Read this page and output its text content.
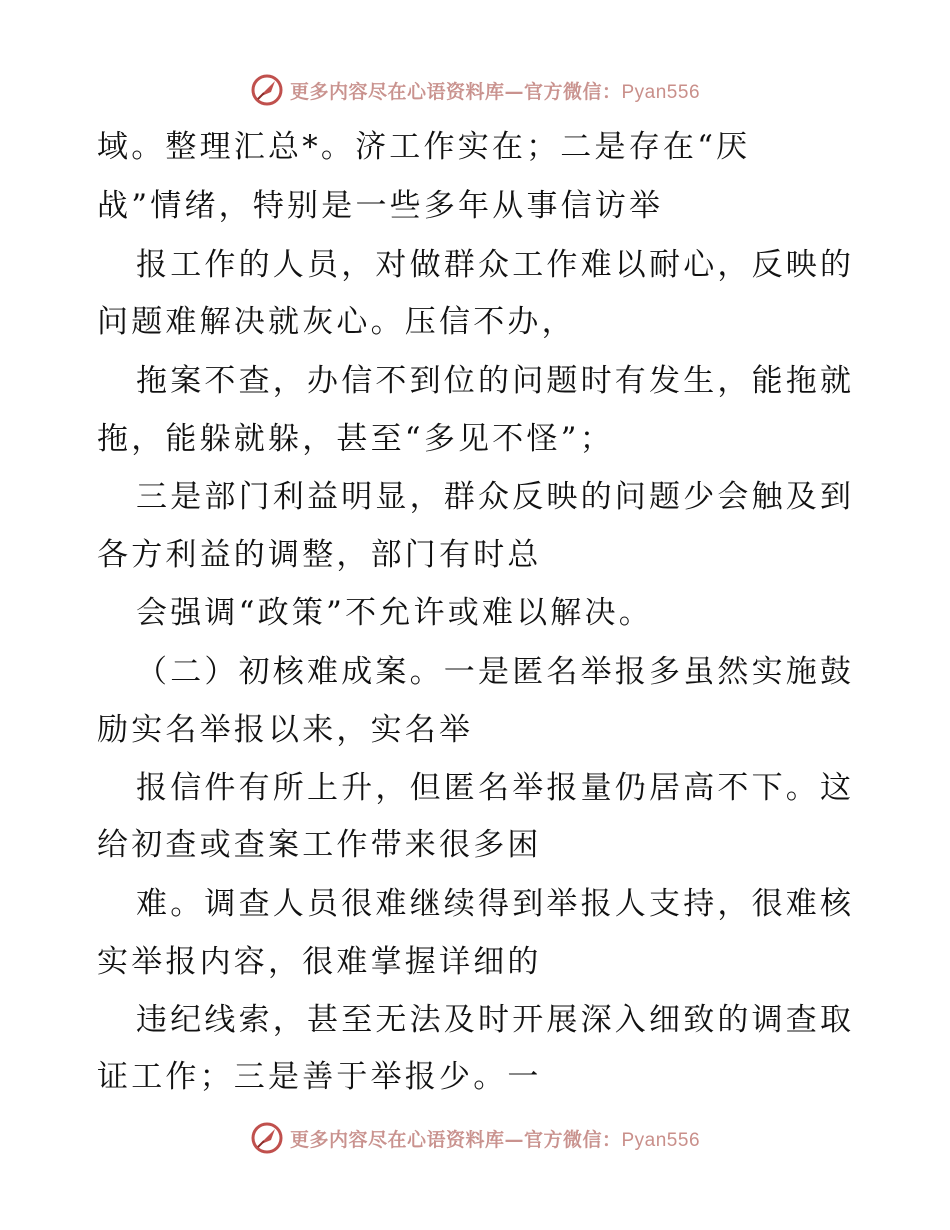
更多内容尽在心语资料库—官方微信：Pyan556
域。整理汇总*。济工作实在；二是存在“厌
战”情绪，特别是一些多年从事信访举
报工作的人员，对做群众工作难以耐心，反映的
问题难解决就灰心。压信不办，
拖案不查，办信不到位的问题时有发生，能拖就
拖，能躲就躲，甚至“多见不怪”；
三是部门利益明显，群众反映的问题少会触及到
各方利益的调整，部门有时总
会强调“政策”不允许或难以解决。
（二）初核难成案。一是匿名举报多虽然实施鼓
励实名举报以来，实名举
报信件有所上升，但匿名举报量仍居高不下。这
给初查或查案工作带来很多困
难。调查人员很难继续得到举报人支持，很难核
实举报内容，很难掌握详细的
违纪线索，甚至无法及时开展深入细致的调查取
证工作；三是善于举报少。一
更多内容尽在心语资料库—官方微信：Pyan556
